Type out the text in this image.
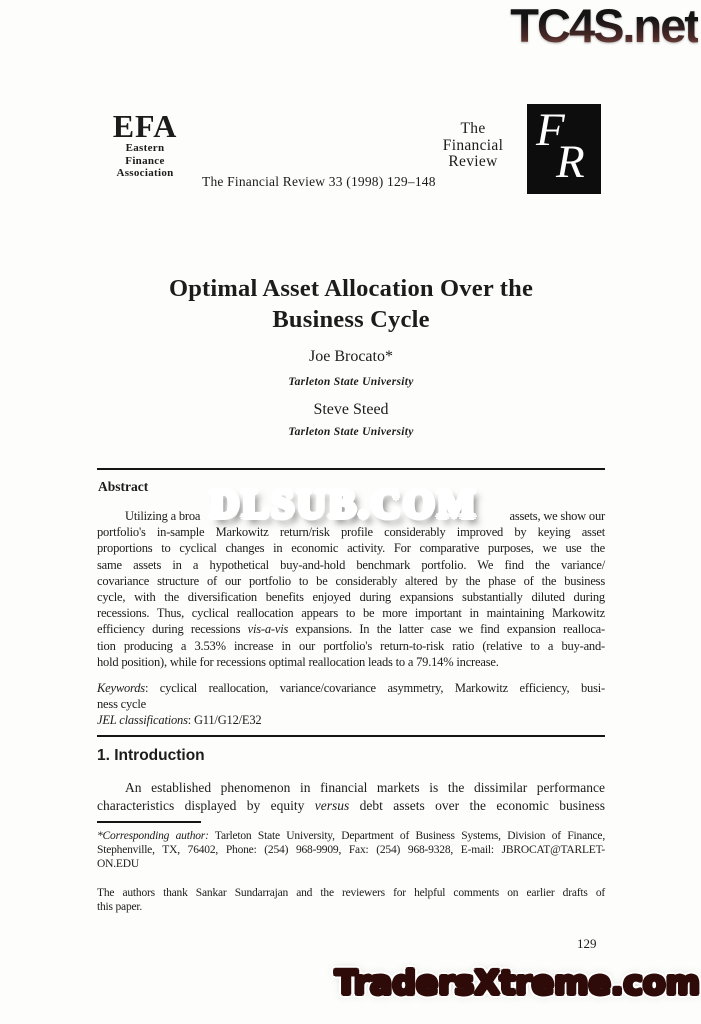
TC4S.net
DLSUB.COM
TradersXtreme.com
EFA
Eastern
Finance
Association
The Financial Review 33 (1998) 129–148
The
Financial
Review
F
R
Optimal Asset Allocation Over the
Business Cycle
Joe Brocato*
Tarleton State University
Steve Steed
Tarleton State University
Abstract
Utilizing a broa	assets, we show our
portfolio's in-sample Markowitz return/risk profile considerably improved by keying asset
proportions to cyclical changes in economic activity. For comparative purposes, we use the
same assets in a hypothetical buy-and-hold benchmark portfolio. We find the variance/
covariance structure of our portfolio to be considerably altered by the phase of the business
cycle, with the diversification benefits enjoyed during expansions substantially diluted during
recessions. Thus, cyclical reallocation appears to be more important in maintaining Markowitz
efficiency during recessions vis-a-vis expansions. In the latter case we find expansion realloca-
tion producing a 3.53% increase in our portfolio's return-to-risk ratio (relative to a buy-and-
hold position), while for recessions optimal reallocation leads to a 79.14% increase.
Keywords: cyclical reallocation, variance/covariance asymmetry, Markowitz efficiency, busi-
ness cycle
JEL classifications: G11/G12/E32
1. Introduction
An established phenomenon in financial markets is the dissimilar performance
characteristics displayed by equity versus debt assets over the economic business
*Corresponding author: Tarleton State University, Department of Business Systems, Division of Finance,
Stephenville, TX, 76402, Phone: (254) 968-9909, Fax: (254) 968-9328, E-mail: JBROCAT@TARLET-
ON.EDU
The authors thank Sankar Sundarrajan and the reviewers for helpful comments on earlier drafts of
this paper.
129
